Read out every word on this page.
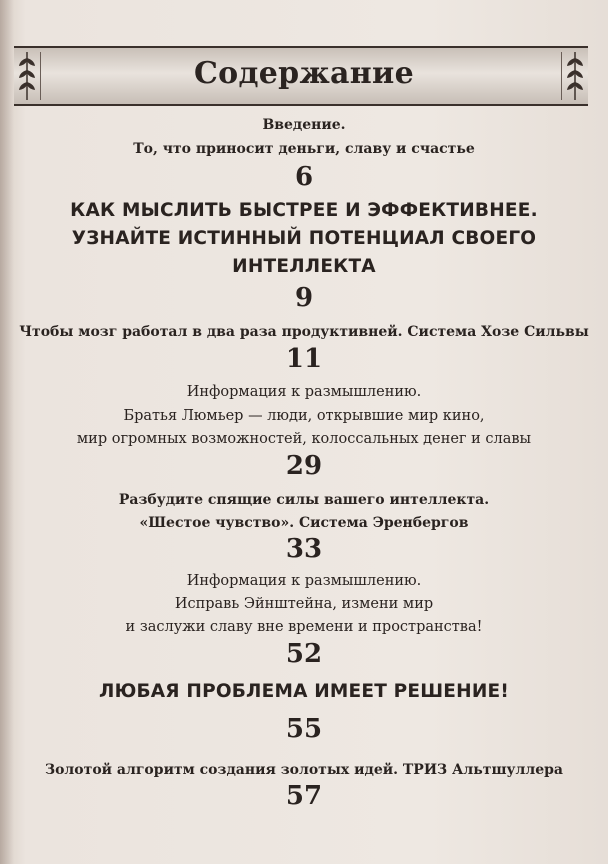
Содержание
Введение.
То, что приносит деньги, славу и счастье
6
КАК МЫСЛИТЬ БЫСТРЕЕ И ЭФФЕКТИВНЕЕ.
УЗНАЙТЕ ИСТИННЫЙ ПОТЕНЦИАЛ СВОЕГО
ИНТЕЛЛЕКТА
9
Чтобы мозг работал в два раза продуктивней. Система Хозе Сильвы
11
Информация к размышлению.
Братья Люмьер — люди, открывшие мир кино,
мир огромных возможностей, колоссальных денег и славы
29
Разбудите спящие силы вашего интеллекта.
«Шестое чувство». Система Эренбергов
33
Информация к размышлению.
Исправь Эйнштейна, измени мир
и заслужи славу вне времени и пространства!
52
ЛЮБАЯ ПРОБЛЕМА ИМЕЕТ РЕШЕНИЕ!
55
Золотой алгоритм создания золотых идей. ТРИЗ Альтшуллера
57
